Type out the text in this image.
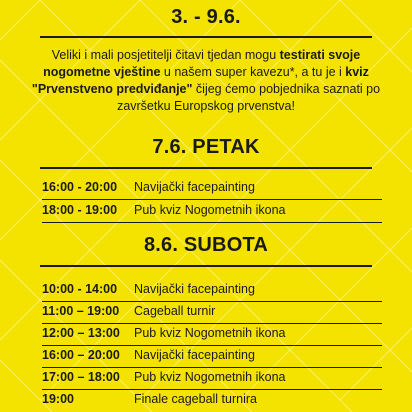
3. - 9.6.
Veliki i mali posjetitelji čitavi tjedan mogu testirati svoje nogometne vještine u našem super kavezu*, a tu je i kviz "Prvenstveno predviđanje" čijeg ćemo pobjednika saznati po završetku Europskog prvenstva!
7.6. PETAK
16:00 - 20:00	Navijački facepainting
18:00 - 19:00	Pub kviz Nogometnih ikona
8.6. SUBOTA
10:00 - 14:00	Navijački facepainting
11:00 – 19:00	Cageball turnir
12:00 – 13:00	Pub kviz Nogometnih ikona
16:00 – 20:00	Navijački facepainting
17:00 – 18:00	Pub kviz Nogometnih ikona
19:00	Finale cageball turnira
